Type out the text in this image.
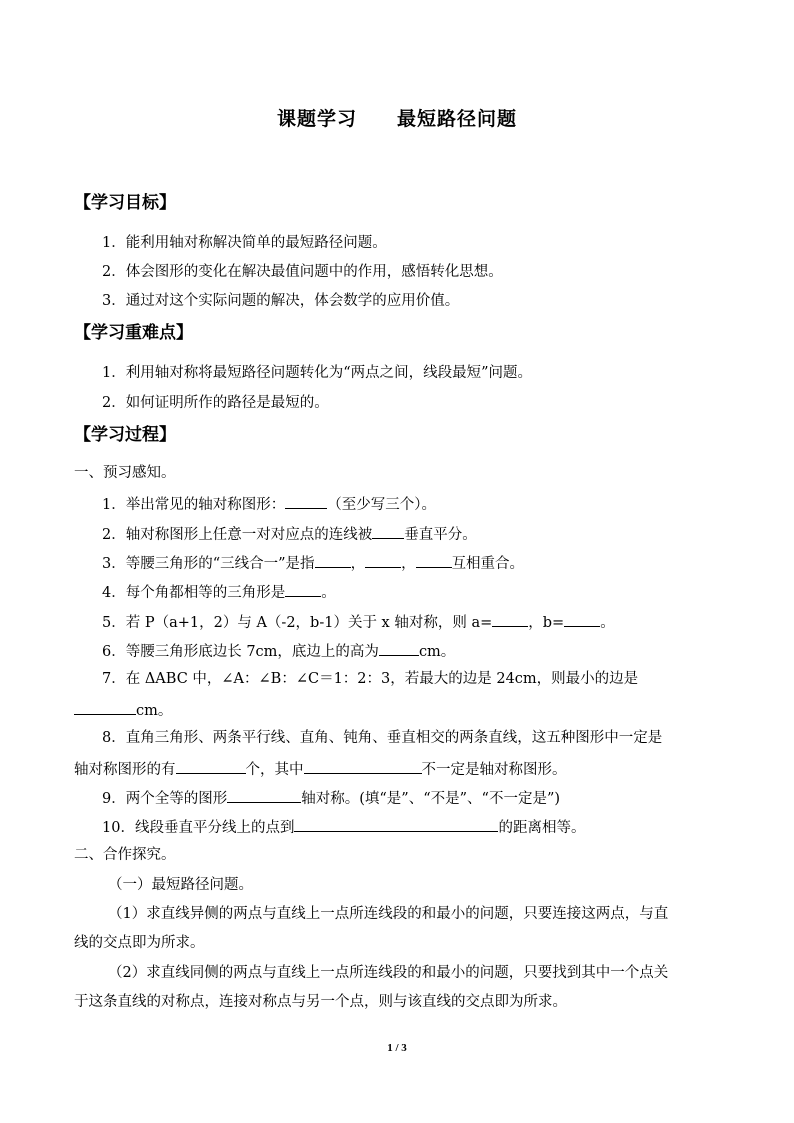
课题学习 最短路径问题
【学习目标】
1．能利用轴对称解决简单的最短路径问题。
2．体会图形的变化在解决最值问题中的作用，感悟转化思想。
3．通过对这个实际问题的解决，体会数学的应用价值。
【学习重难点】
1．利用轴对称将最短路径问题转化为“两点之间，线段最短”问题。
2．如何证明所作的路径是最短的。
【学习过程】
一、预习感知。
1．举出常见的轴对称图形：	（至少写三个）。
2．轴对称图形上任意一对对应点的连线被 垂直平分。
3．等腰三角形的“三线合一”是指 ， ， 互相重合。
4．每个角都相等的三角形是 。
5．若 P（a+1，2）与 A（-2，b-1）关于 x 轴对称，则 a= ，b= 。
6．等腰三角形底边长 7cm，底边上的高为	cm。
7．在 ΔABC 中，∠A：∠B：∠C＝1：2：3，若最大的边是 24cm，则最小的边是
cm。
8．直角三角形、两条平行线、直角、钝角、垂直相交的两条直线，这五种图形中一定是
轴对称图形的有	个，其中	不一定是轴对称图形。
9．两个全等的图形	轴对称。(填“是”、“不是”、“不一定是”)
10．线段垂直平分线上的点到	的距离相等。
二、合作探究。
（一）最短路径问题。
（1）求直线异侧的两点与直线上一点所连线段的和最小的问题，只要连接这两点，与直
线的交点即为所求。
（2）求直线同侧的两点与直线上一点所连线段的和最小的问题，只要找到其中一个点关
于这条直线的对称点，连接对称点与另一个点，则与该直线的交点即为所求。
1 / 3
